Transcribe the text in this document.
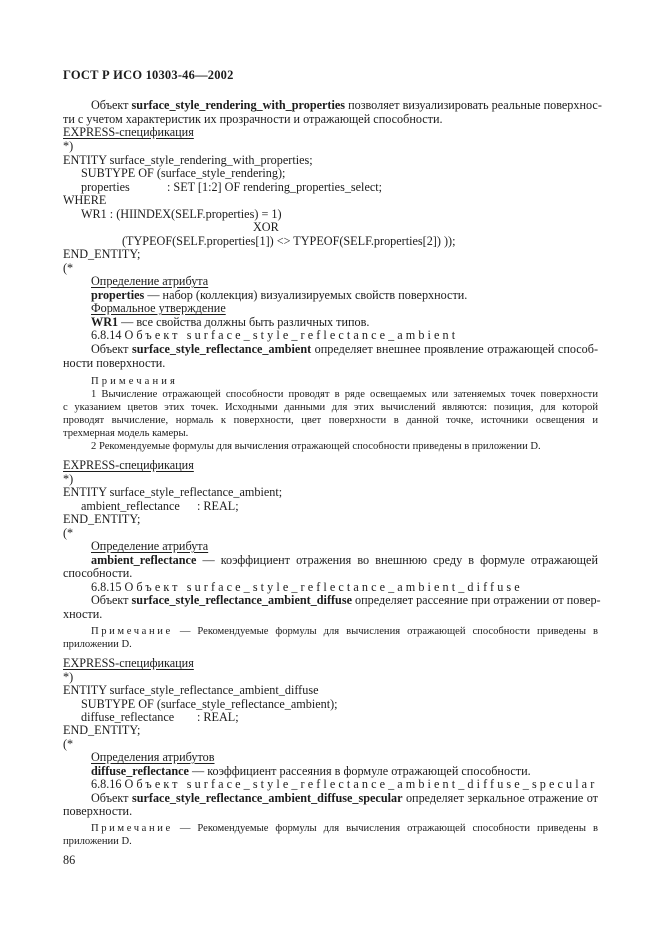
ГОСТ Р ИСО 10303-46—2002
Объект surface_style_rendering_with_properties позволяет визуализировать реальные поверхнос-
ти с учетом характеристик их прозрачности и отражающей способности.
EXPRESS-спецификация
*)
ENTITY surface_style_rendering_with_properties;
SUBTYPE OF (surface_style_rendering);
properties	: SET [1:2] OF rendering_properties_select;
WHERE
WR1 : (HIINDEX(SELF.properties) = 1)
XOR
(TYPEOF(SELF.properties[1]) <> TYPEOF(SELF.properties[2]) ));
END_ENTITY;
(*
Определение атрибута
properties — набор (коллекция) визуализируемых свойств поверхности.
Формальное утверждение
WR1 — все свойства должны быть различных типов.
6.8.14 Объект surface_style_reflectance_ambient
Объект surface_style_reflectance_ambient определяет внешнее проявление отражающей способ-
ности поверхности.
Примечания
1 Вычисление отражающей способности проводят в ряде освещаемых или затеняемых точек поверхности
с указанием цветов этих точек. Исходными данными для этих вычислений являются: позиция, для которой
проводят вычисление, нормаль к поверхности, цвет поверхности в данной точке, источники освещения и
трехмерная модель камеры.
2 Рекомендуемые формулы для вычисления отражающей способности приведены в приложении D.
EXPRESS-спецификация
*)
ENTITY surface_style_reflectance_ambient;
ambient_reflectance : REAL;
END_ENTITY;
(*
Определение атрибута
ambient_reflectance — коэффициент отражения во внешнюю среду в формуле отражающей
способности.
6.8.15 Объект surface_style_reflectance_ambient_diffuse
Объект surface_style_reflectance_ambient_diffuse определяет рассеяние при отражении от повер-
хности.
Примечание — Рекомендуемые формулы для вычисления отражающей способности приведены в
приложении D.
EXPRESS-спецификация
*)
ENTITY surface_style_reflectance_ambient_diffuse
SUBTYPE OF (surface_style_reflectance_ambient);
diffuse_reflectance : REAL;
END_ENTITY;
(*
Определения атрибутов
diffuse_reflectance — коэффициент рассеяния в формуле отражающей способности.
6.8.16 Объект surface_style_reflectance_ambient_diffuse_specular
Объект surface_style_reflectance_ambient_diffuse_specular определяет зеркальное отражение от
поверхности.
Примечание — Рекомендуемые формулы для вычисления отражающей способности приведены в
приложении D.
86
